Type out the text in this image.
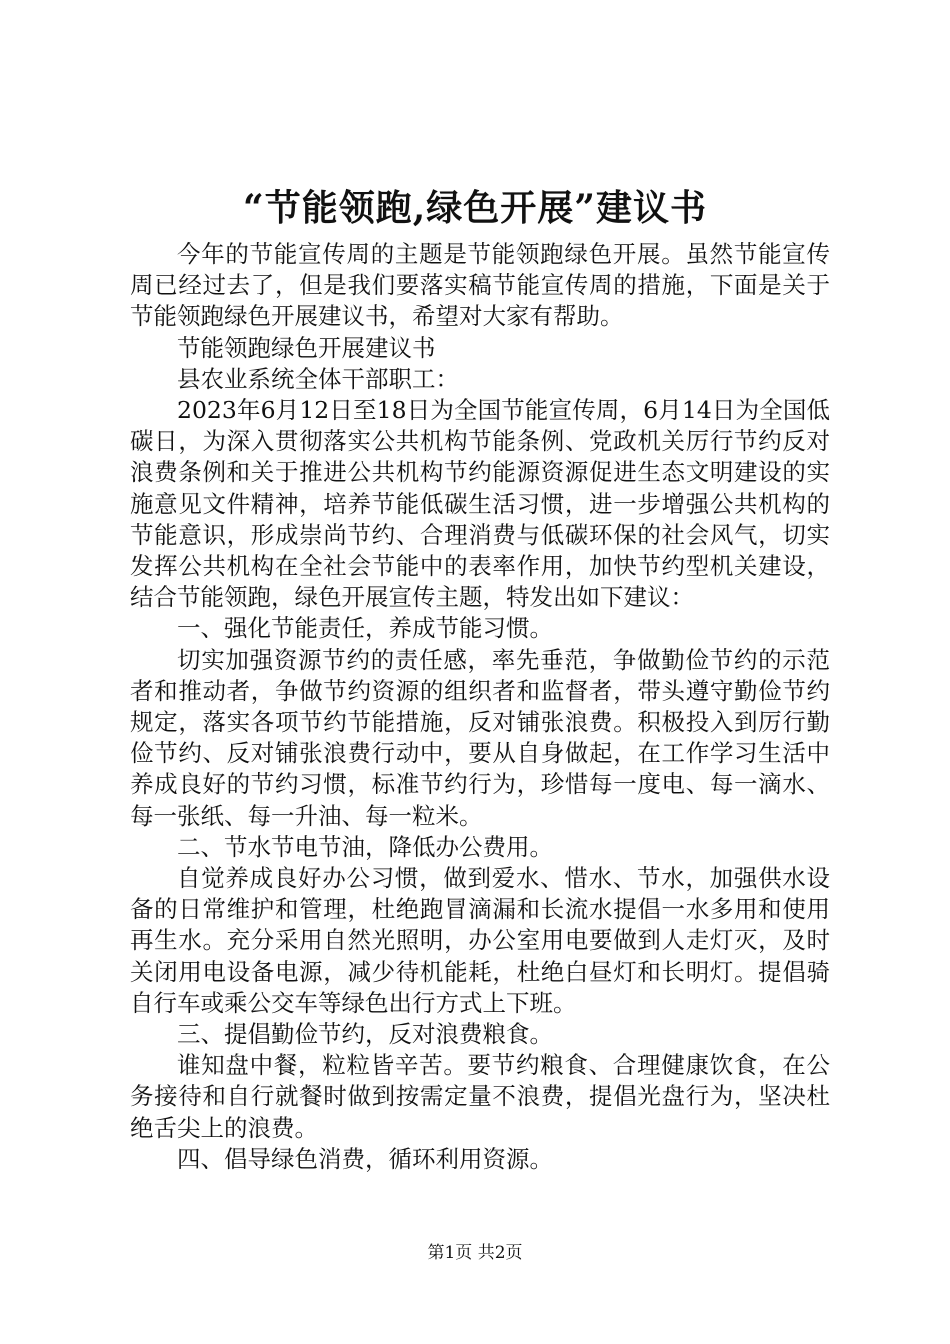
“节能领跑,绿色开展”建议书

今年的节能宣传周的主题是节能领跑绿色开展。虽然节能宣传周已经过去了，但是我们要落实稿节能宣传周的措施，下面是关于节能领跑绿色开展建议书，希望对大家有帮助。

节能领跑绿色开展建议书

县农业系统全体干部职工：

2023年6月12日至18日为全国节能宣传周，6月14日为全国低碳日，为深入贯彻落实公共机构节能条例、党政机关厉行节约反对浪费条例和关于推进公共机构节约能源资源促进生态文明建设的实施意见文件精神，培养节能低碳生活习惯，进一步增强公共机构的节能意识，形成崇尚节约、合理消费与低碳环保的社会风气，切实发挥公共机构在全社会节能中的表率作用，加快节约型机关建设，结合节能领跑，绿色开展宣传主题，特发出如下建议：

一、强化节能责任，养成节能习惯。

切实加强资源节约的责任感，率先垂范，争做勤俭节约的示范者和推动者，争做节约资源的组织者和监督者，带头遵守勤俭节约规定，落实各项节约节能措施，反对铺张浪费。积极投入到厉行勤俭节约、反对铺张浪费行动中，要从自身做起，在工作学习生活中养成良好的节约习惯，标准节约行为，珍惜每一度电、每一滴水、每一张纸、每一升油、每一粒米。

二、节水节电节油，降低办公费用。

自觉养成良好办公习惯，做到爱水、惜水、节水，加强供水设备的日常维护和管理，杜绝跑冒滴漏和长流水提倡一水多用和使用再生水。充分采用自然光照明，办公室用电要做到人走灯灭，及时关闭用电设备电源，减少待机能耗，杜绝白昼灯和长明灯。提倡骑自行车或乘公交车等绿色出行方式上下班。

三、提倡勤俭节约，反对浪费粮食。

谁知盘中餐，粒粒皆辛苦。要节约粮食、合理健康饮食，在公务接待和自行就餐时做到按需定量不浪费，提倡光盘行为，坚决杜绝舌尖上的浪费。

四、倡导绿色消费，循环利用资源。

第1页 共2页
